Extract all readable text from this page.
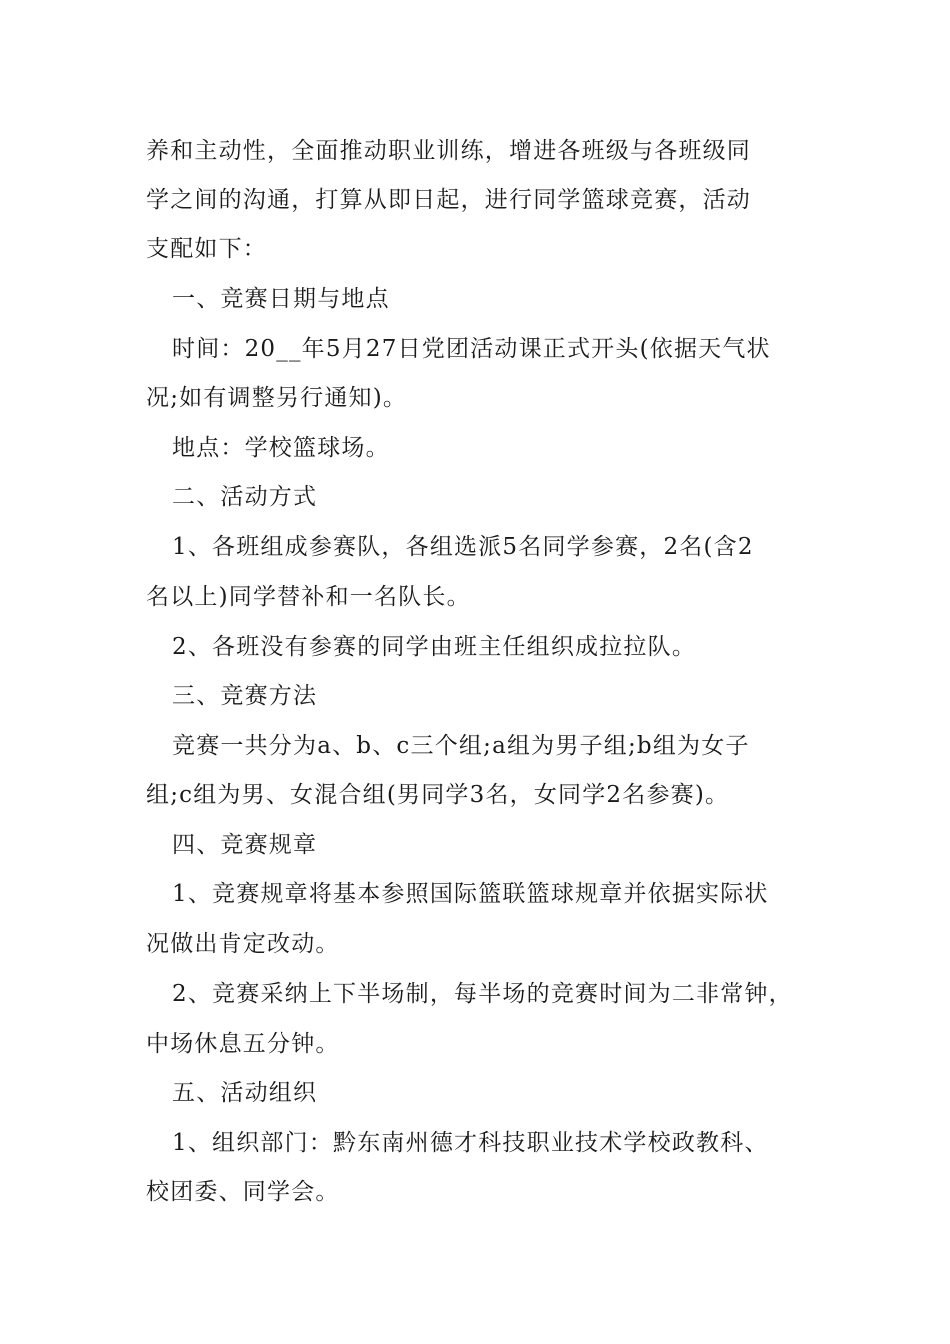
养和主动性，全面推动职业训练，增进各班级与各班级同
学之间的沟通，打算从即日起，进行同学篮球竞赛，活动
支配如下：
一、竞赛日期与地点
时间：20__年5月27日党团活动课正式开头(依据天气状
况;如有调整另行通知)。
地点：学校篮球场。
二、活动方式
1、各班组成参赛队，各组选派5名同学参赛，2名(含2
名以上)同学替补和一名队长。
2、各班没有参赛的同学由班主任组织成拉拉队。
三、竞赛方法
竞赛一共分为a、b、c三个组;a组为男子组;b组为女子
组;c组为男、女混合组(男同学3名，女同学2名参赛)。
四、竞赛规章
1、竞赛规章将基本参照国际篮联篮球规章并依据实际状
况做出肯定改动。
2、竞赛采纳上下半场制，每半场的竞赛时间为二非常钟，
中场休息五分钟。
五、活动组织
1、组织部门：黔东南州德才科技职业技术学校政教科、
校团委、同学会。
